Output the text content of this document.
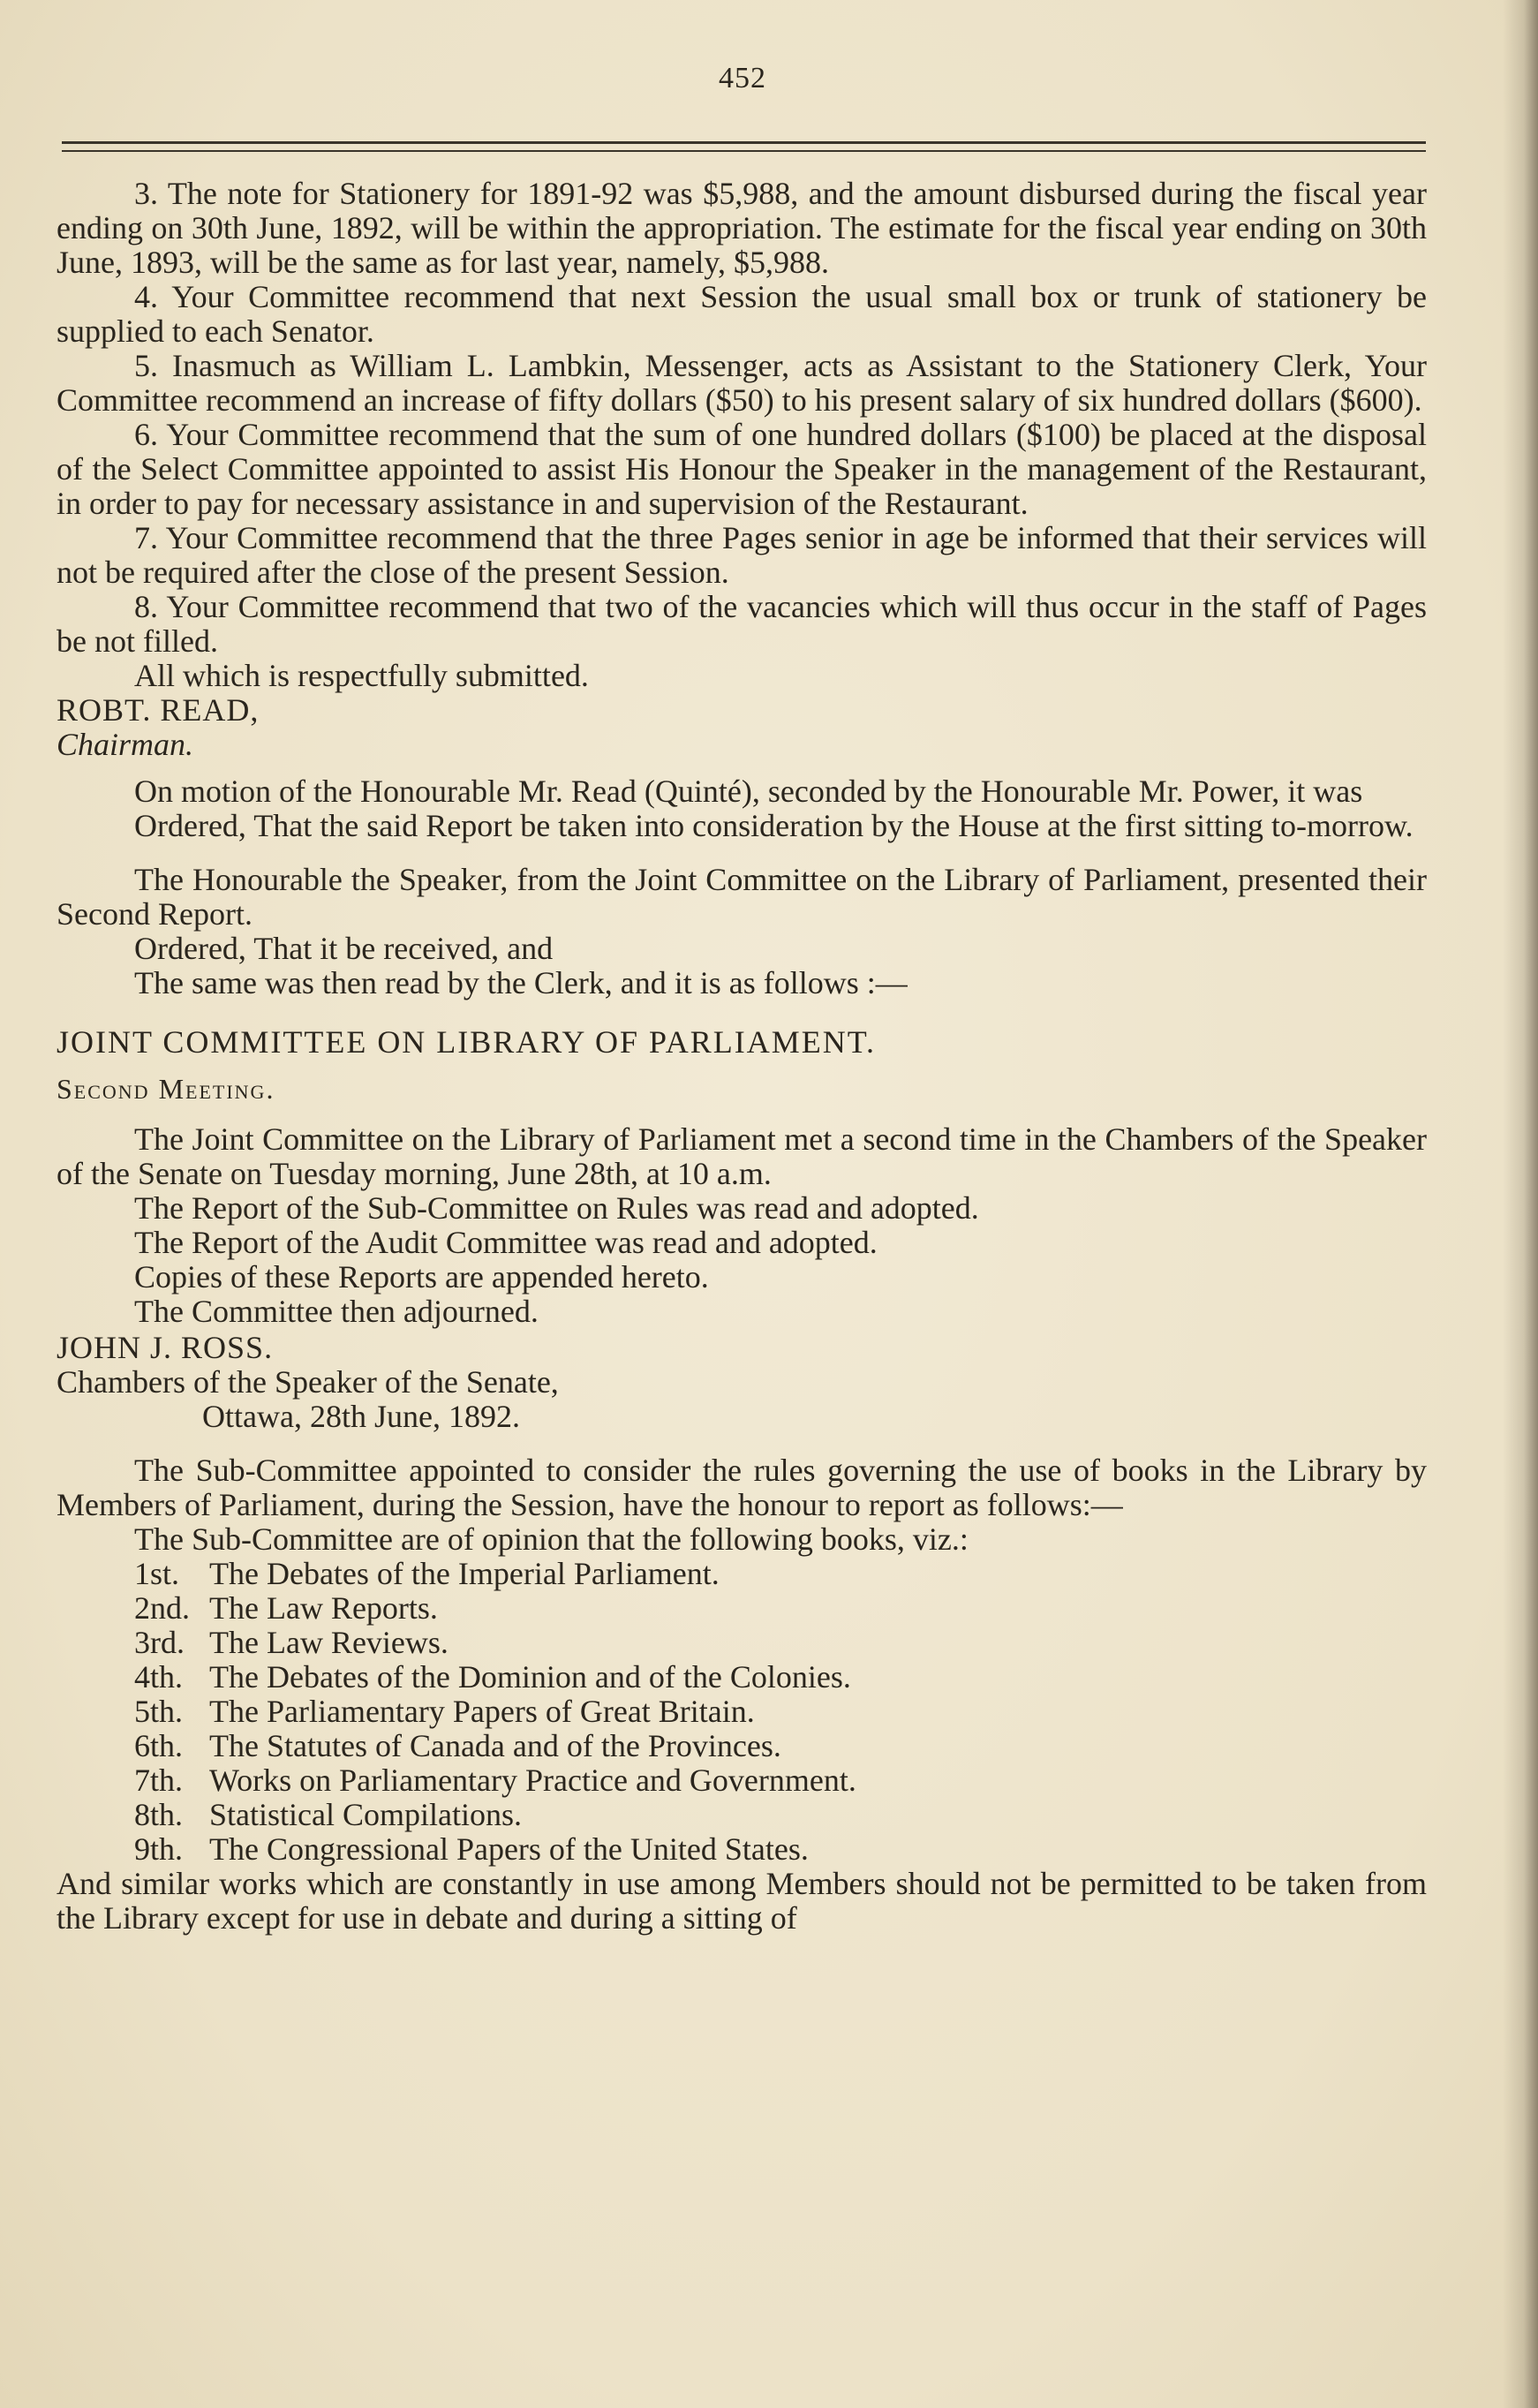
452

3. The note for Stationery for 1891-92 was $5,988, and the amount disbursed during the fiscal year ending on 30th June, 1892, will be within the appropriation. The estimate for the fiscal year ending on 30th June, 1893, will be the same as for last year, namely, $5,988.

4. Your Committee recommend that next Session the usual small box or trunk of stationery be supplied to each Senator.

5. Inasmuch as William L. Lambkin, Messenger, acts as Assistant to the Stationery Clerk, Your Committee recommend an increase of fifty dollars ($50) to his present salary of six hundred dollars ($600).

6. Your Committee recommend that the sum of one hundred dollars ($100) be placed at the disposal of the Select Committee appointed to assist His Honour the Speaker in the management of the Restaurant, in order to pay for necessary assistance in and supervision of the Restaurant.

7. Your Committee recommend that the three Pages senior in age be informed that their services will not be required after the close of the present Session.

8. Your Committee recommend that two of the vacancies which will thus occur in the staff of Pages be not filled.

All which is respectfully submitted.

ROBT. READ,

Chairman.

On motion of the Honourable Mr. Read (Quinté), seconded by the Honourable Mr. Power, it was

Ordered, That the said Report be taken into consideration by the House at the first sitting to-morrow.

The Honourable the Speaker, from the Joint Committee on the Library of Parliament, presented their Second Report.

Ordered, That it be received, and

The same was then read by the Clerk, and it is as follows :—

JOINT COMMITTEE ON LIBRARY OF PARLIAMENT.

Second Meeting.

The Joint Committee on the Library of Parliament met a second time in the Chambers of the Speaker of the Senate on Tuesday morning, June 28th, at 10 a.m.

The Report of the Sub-Committee on Rules was read and adopted.

The Report of the Audit Committee was read and adopted.

Copies of these Reports are appended hereto.

The Committee then adjourned.

JOHN J. ROSS.

Chambers of the Speaker of the Senate,

Ottawa, 28th June, 1892.

The Sub-Committee appointed to consider the rules governing the use of books in the Library by Members of Parliament, during the Session, have the honour to report as follows:—

The Sub-Committee are of opinion that the following books, viz.:

1st. The Debates of the Imperial Parliament.
2nd. The Law Reports.
3rd. The Law Reviews.
4th. The Debates of the Dominion and of the Colonies.
5th. The Parliamentary Papers of Great Britain.
6th. The Statutes of Canada and of the Provinces.
7th. Works on Parliamentary Practice and Government.
8th. Statistical Compilations.
9th. The Congressional Papers of the United States.

And similar works which are constantly in use among Members should not be permitted to be taken from the Library except for use in debate and during a sitting of
